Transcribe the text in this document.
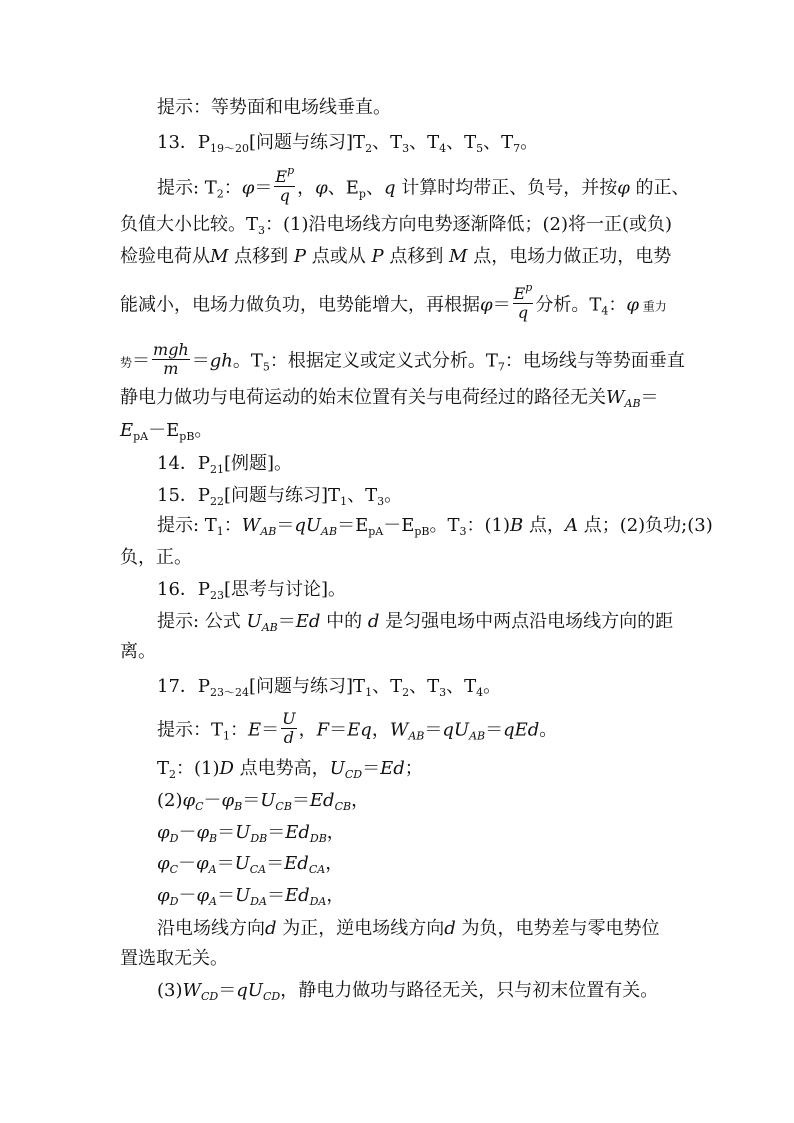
提示：等势面和电场线垂直。
13．$P_{19\sim 20}$[问题与练习]$T_2$、$T_3$、$T_4$、$T_5$、$T_7$。
提示: $T_2$：$\varphi= \frac{E^p}{q}$ ，φ、$E_p$、q 计算时均带正、负号，并按φ 的正、
负值大小比较。$T_3$：(1)沿电场线方向电势逐渐降低；(2)将一正(或负)
检验电荷从M 点移到 P 点或从 P 点移到 M 点，电场力做正功，电势
能减小，电场力做负功，电势能增大，再根据$\varphi= \frac{E^p}{q}$ 分析。$T_4$：φ 重力
势＝ $\frac{\text{mgh}}{m} =gh$。$T_5$：根据定义或定义式分析。$T_7$：电场线与等势面垂直
静电力做功与电荷运动的始末位置有关与电荷经过的路径无关$W_{AB}=$
$E_{pA}-E_{pB}$。
14．$P_{21}$[例题]。
15．$P_{22}$[问题与练习]$T_1$、$T_3$。
提示: $T_1$：$W_{AB}=qU_{AB}=E_{pA}-E_{pB}$。$T_3$：(1)B 点，A 点；(2)负功;(3)
负，正。
16．$P_{23}$[思考与讨论]。
提示: 公式 $U_{AB}=Ed$ 中的 d 是匀强电场中两点沿电场线方向的距
离。
17．$P_{23\sim 24}$[问题与练习]$T_1$、$T_2$、$T_3$、$T_4$。
提示：$T_1$：$E= \frac{U}{d}$ ，F＝Eq，$W_{AB}=qU_{AB}=qEd$。
$T_2$：(1)D 点电势高，$U_{CD}=Ed$；
$(2)\varphi_C-\varphi_B=U_{CB}=Ed_{CB}$，
$\varphi_D-\varphi_B=U_{DB}=Ed_{DB}$，
$\varphi_C-\varphi_A=U_{CA}=Ed_{CA}$，
$\varphi_D-\varphi_A=U_{DA}=Ed_{DA}$，
沿电场线方向d 为正，逆电场线方向d 为负，电势差与零电势位
置选取无关。
$(3)W_{CD}=qU_{CD}$，静电力做功与路径无关，只与初末位置有关。
